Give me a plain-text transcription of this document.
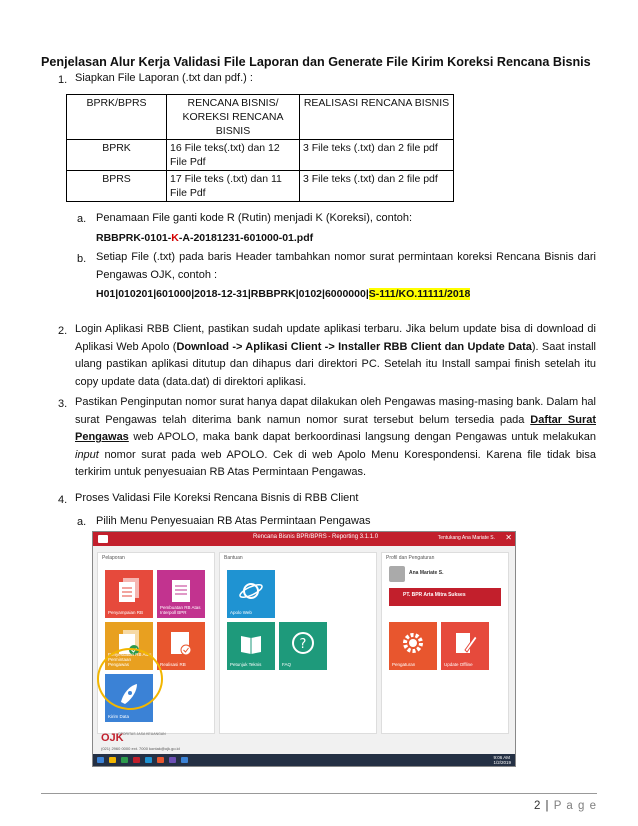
Penjelasan Alur Kerja Validasi File Laporan dan Generate File Kirim Koreksi Rencana Bisnis
1. Siapkan File Laporan (.txt dan pdf.) :
BPRK/BPRS	RENCANA BISNIS/ KOREKSI RENCANA BISNIS	REALISASI RENCANA BISNIS
BPRK	16 File teks(.txt) dan 12 File Pdf	3 File teks (.txt) dan 2 file pdf
BPRS	17 File teks (.txt) dan 11 File Pdf	3 File teks (.txt) dan 2 file pdf
a. Penamaan File ganti kode R (Rutin) menjadi K (Koreksi), contoh:
RBBPRK-0101-K-A-20181231-601000-01.pdf
b. Setiap File (.txt) pada baris Header tambahkan nomor surat permintaan koreksi Rencana Bisnis dari Pengawas OJK, contoh :
H01|010201|601000|2018-12-31|RBBPRK|0102|6000000|S-111/KO.11111/2018
2. Login Aplikasi RBB Client, pastikan sudah update aplikasi terbaru. Jika belum update bisa di download di Aplikasi Web Apolo (Download -> Aplikasi Client -> Installer RBB Client dan Update Data). Saat install ulang pastikan aplikasi ditutup dan dihapus dari direktori PC. Setelah itu Install sampai finish setelah itu copy update data (data.dat) di direktori aplikasi.
3. Pastikan Penginputan nomor surat hanya dapat dilakukan oleh Pengawas masing-masing bank. Dalam hal surat Pengawas telah diterima bank namun nomor surat tersebut belum tersedia pada Daftar Surat Pengawas web APOLO, maka bank dapat berkoordinasi langsung dengan Pengawas untuk melakukan input nomor surat pada web APOLO. Cek di web Apolo Menu Korespondensi. Karena file tidak bisa terkirim untuk penyesuaian RB Atas Permintaan Pengawas.
4. Proses Validasi File Koreksi Rencana Bisnis di RBB Client
a. Pilih Menu Penyesuaian RB Atas Permintaan Pengawas
Rencana Bisnis BPR/BPRS - Reporting 3.1.1.0	Tentukang Ana Mariate S. ✕
Pelaporan
Penyampaian RB
Pembuatan RB Atas Interpoll BPR
Penyesuaian RB Atas Permintaan Pengawas	Realisasi RB
Kirim Data
Bantuan
Apolo Web
Petunjuk Teknis
?
FAQ
Profil dan Pengaturan
Ana Mariate S.
PT. BPR Arta Mitra Sukses
Pengaturan	Update Offline
OJK
OTORITAS JASA KEUANGAN
(021) 2960 0000 ext. 7000 kontak@ojk.go.id
9:06 AM
1/2/2019
2 | P a g e
